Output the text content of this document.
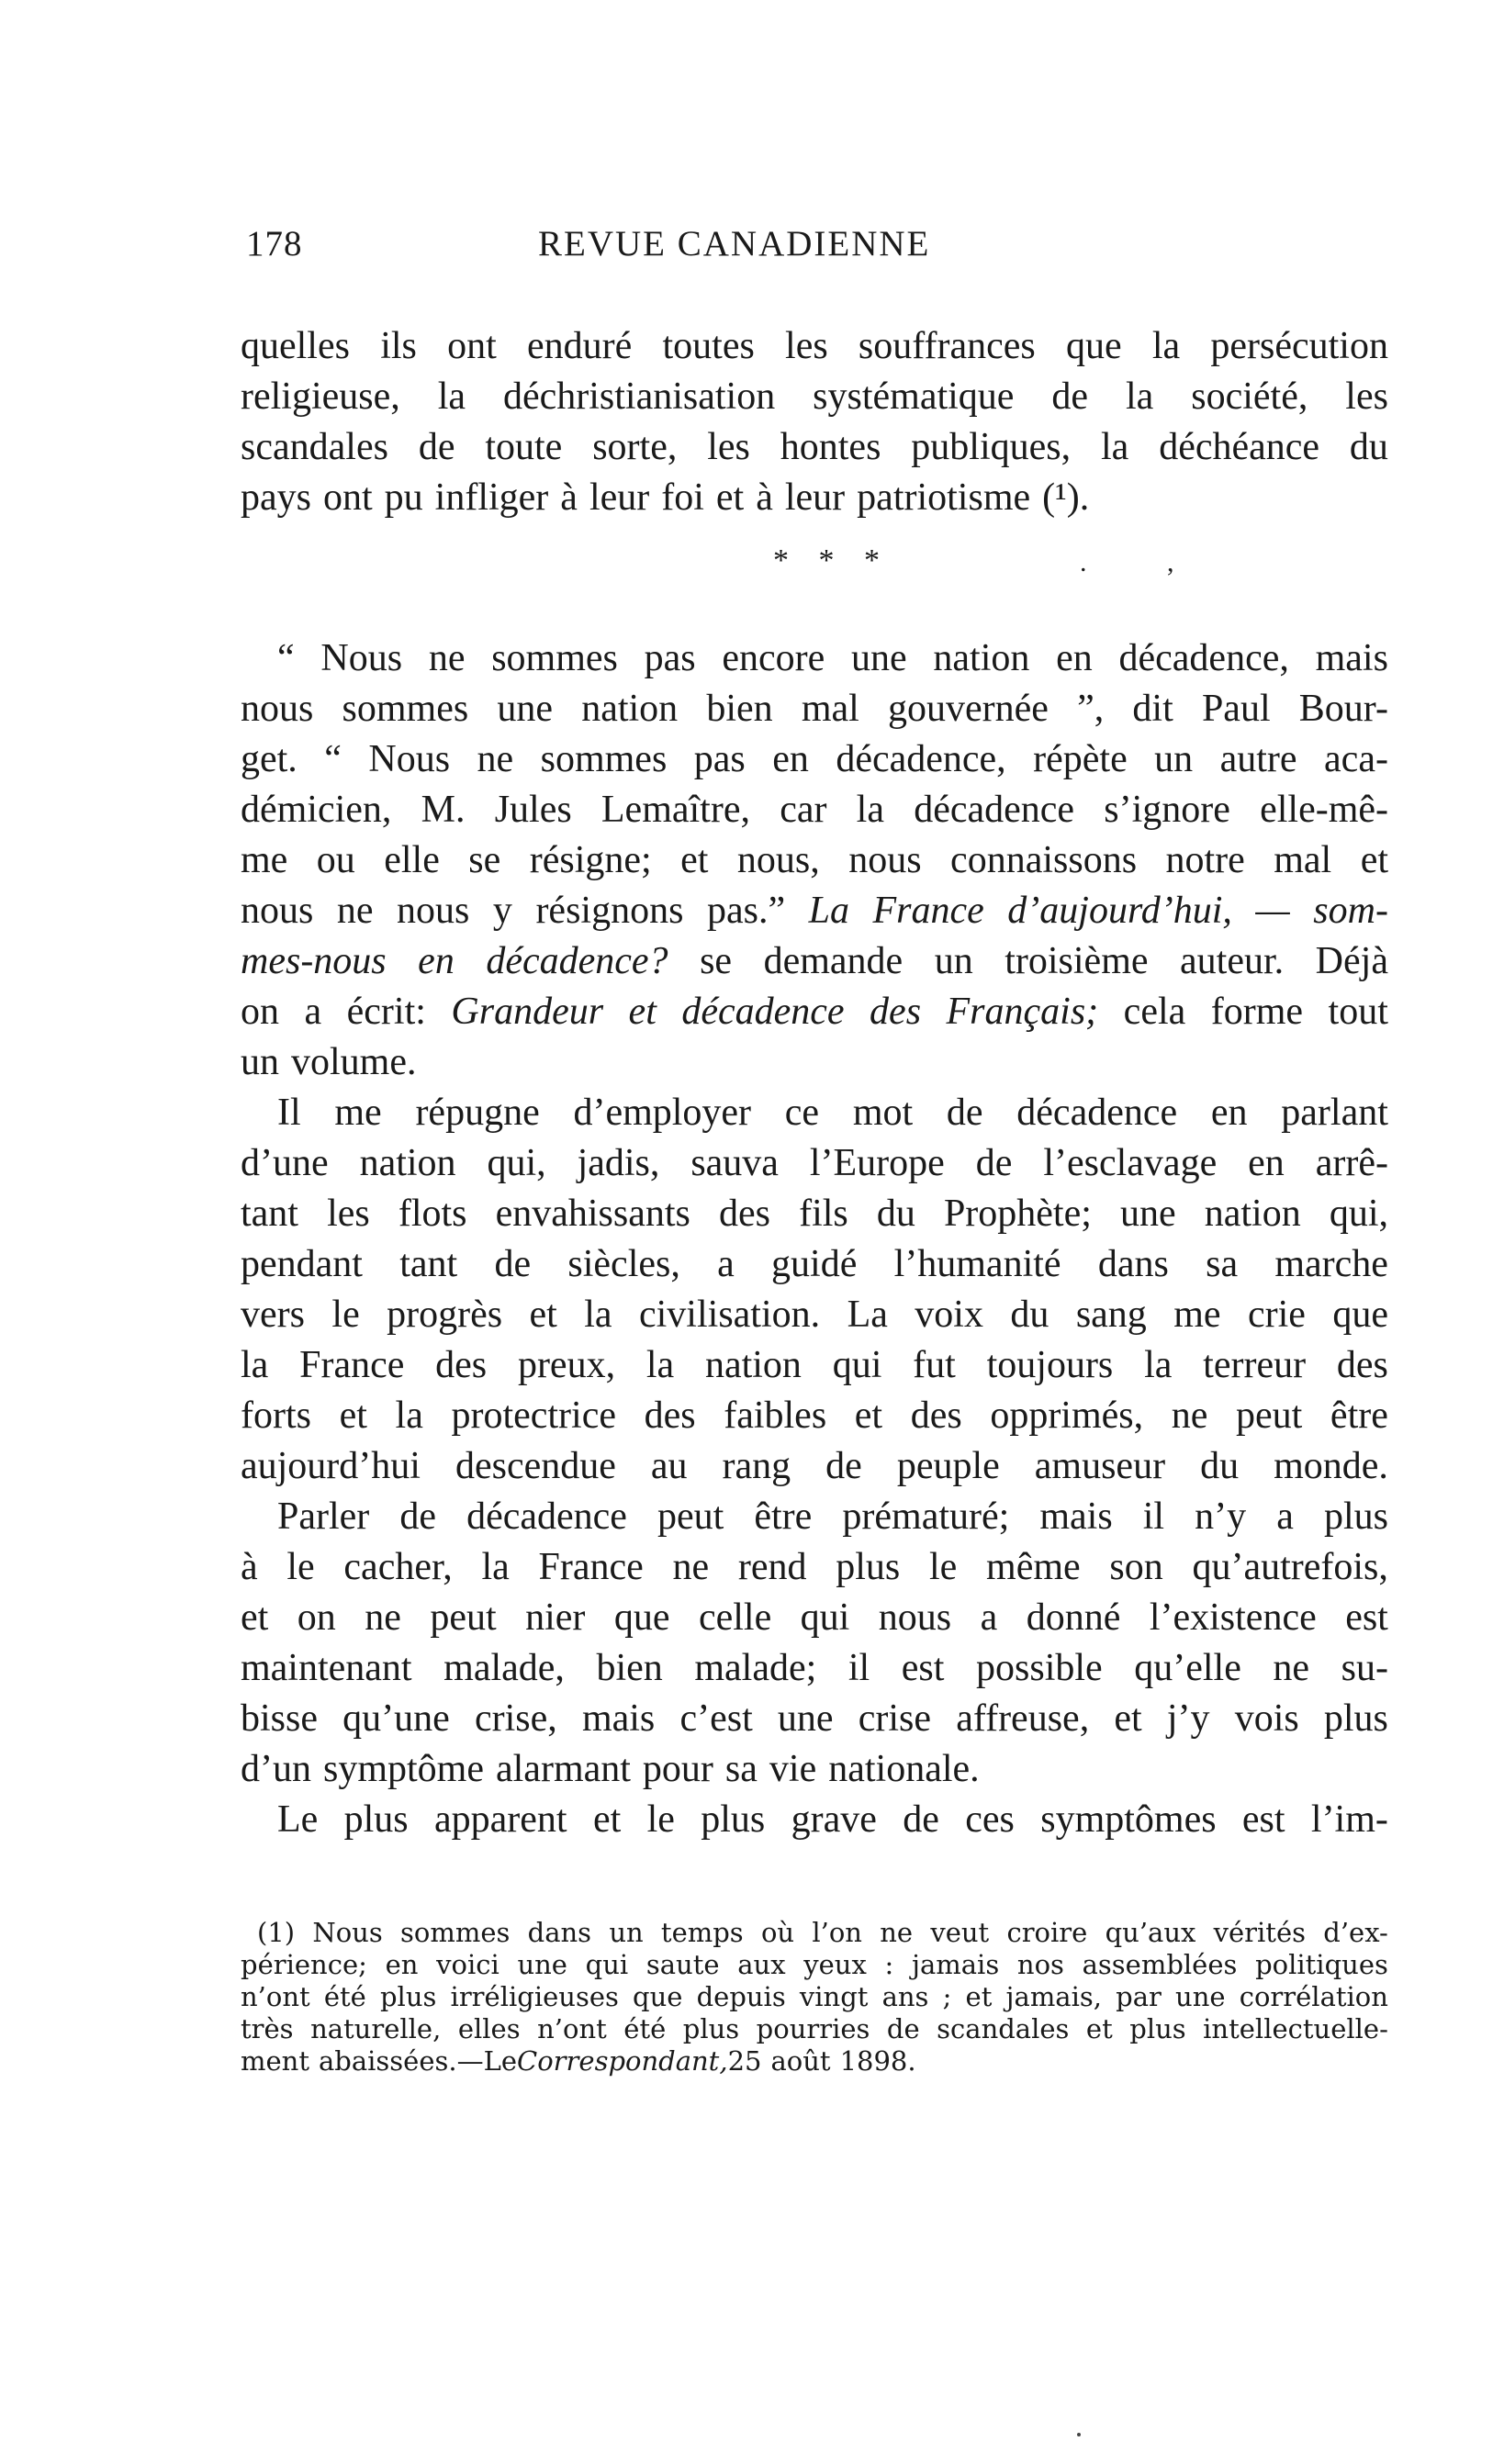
178	REVUE CANADIENNE
quelles ils ont enduré toutes les souffrances que la persécution
religieuse, la déchristianisation systématique de la société, les
scandales de toute sorte, les hontes publiques, la déchéance du
pays ont pu infliger à leur foi et à leur patriotisme (¹).
* * *	. ,
“ Nous ne sommes pas encore une nation en décadence, mais
nous sommes une nation bien mal gouvernée ”, dit Paul Bour-
get. “ Nous ne sommes pas en décadence, répète un autre aca-
démicien, M. Jules Lemaître, car la décadence s’ignore elle-mê-
me ou elle se résigne; et nous, nous connaissons notre mal et
nous ne nous y résignons pas.” La France d’aujourd’hui, — som-
mes-nous en décadence? se demande un troisième auteur. Déjà
on a écrit: Grandeur et décadence des Français; cela forme tout
un volume.
Il me répugne d’employer ce mot de décadence en parlant
d’une nation qui, jadis, sauva l’Europe de l’esclavage en arrê-
tant les flots envahissants des fils du Prophète; une nation qui,
pendant tant de siècles, a guidé l’humanité dans sa marche
vers le progrès et la civilisation. La voix du sang me crie que
la France des preux, la nation qui fut toujours la terreur des
forts et la protectrice des faibles et des opprimés, ne peut être
aujourd’hui descendue au rang de peuple amuseur du monde.
Parler de décadence peut être prématuré; mais il n’y a plus
à le cacher, la France ne rend plus le même son qu’autrefois,
et on ne peut nier que celle qui nous a donné l’existence est
maintenant malade, bien malade; il est possible qu’elle ne su-
bisse qu’une crise, mais c’est une crise affreuse, et j’y vois plus
d’un symptôme alarmant pour sa vie nationale.
Le plus apparent et le plus grave de ces symptômes est l’im-
(1) Nous sommes dans un temps où l’on ne veut croire qu’aux vérités d’ex-
périence; en voici une qui saute aux yeux : jamais nos assemblées politiques
n’ont été plus irréligieuses que depuis vingt ans ; et jamais, par une corrélation
très naturelle, elles n’ont été plus pourries de scandales et plus intellectuelle-
ment abaissées.—Le Correspondant, 25 août 1898.
